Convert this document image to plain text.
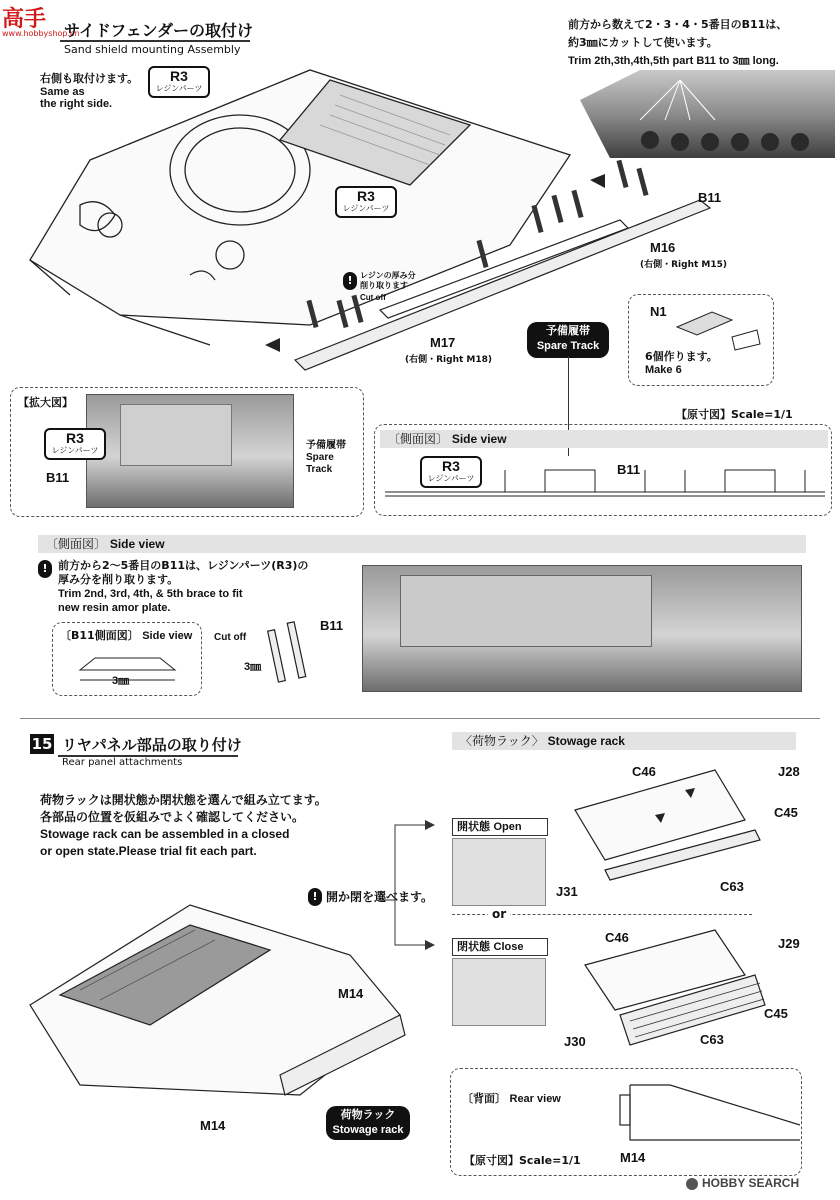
高手
www.hobbyshop.cn
サイドフェンダーの取付け
Sand shield mounting Assembly
右側も取付けます。
Same as
the right side.
R3
レジンパーツ
前方から数えて2・3・4・5番目のB11は、
約3㎜にカットして使います。
Trim 2th,3th,4th,5th part B11 to 3㎜ long.
R3
レジンパーツ
B11
M16
(右側・Right M15)
M17
(右側・Right M18)
! レジンの厚み分
削り取ります
Cut off
予備履帯
Spare Track
N1
6個作ります。
Make 6
【拡大図】
R3
レジンパーツ
B11
予備履帯
Spare
Track
【原寸図】Scale=1/1
〔側面図〕 Side view
R3
レジンパーツ
B11
〔側面図〕 Side view
! 前方から2～5番目のB11は、レジンパーツ(R3)の
厚み分を削り取ります。
Trim 2nd, 3rd, 4th, & 5th brace to fit
new resin amor plate.
〔B11側面図〕 Side view
3㎜
Cut off
3㎜
B11
15 リヤパネル部品の取り付け
Rear panel attachments
荷物ラックは開状態か閉状態を選んで組み立てます。
各部品の位置を仮組みでよく確認してください。
Stowage rack can be assembled in a closed
or open state.Please trial fit each part.
! 開か閉を選べます。
〈荷物ラック〉 Stowage rack
開状態 Open
or
閉状態 Close
C46	J28
C45
J31	C63
C46	J29
C45
J30	C63
M14
M14
荷物ラック
Stowage rack
〔背面〕 Rear view
【原寸図】Scale=1/1	M14
HOBBY SEARCH
